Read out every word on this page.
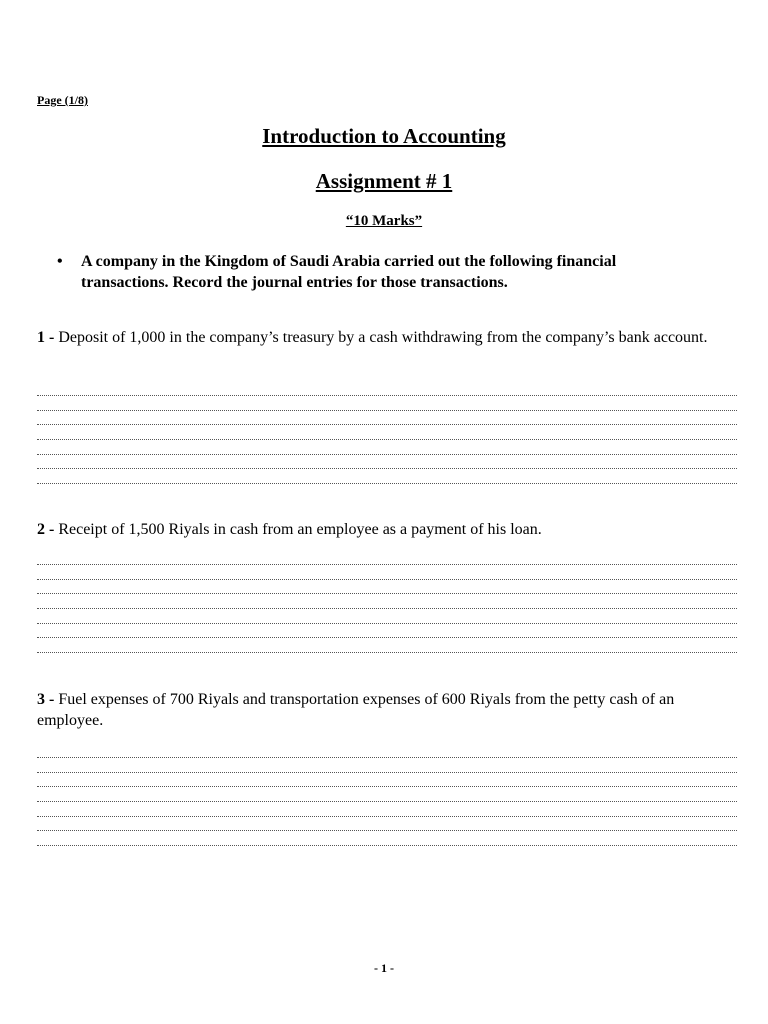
Page (1/8)
Introduction to Accounting
Assignment # 1
“10 Marks”
•	A company in the Kingdom of Saudi Arabia carried out the following financial transactions. Record the journal entries for those transactions.
1 - Deposit of 1,000 in the company’s treasury by a cash withdrawing from the company’s bank account.
2 - Receipt of 1,500 Riyals in cash from an employee as a payment of his loan.
3 - Fuel expenses of 700 Riyals and transportation expenses of 600 Riyals from the petty cash of an employee.
- 1 -
